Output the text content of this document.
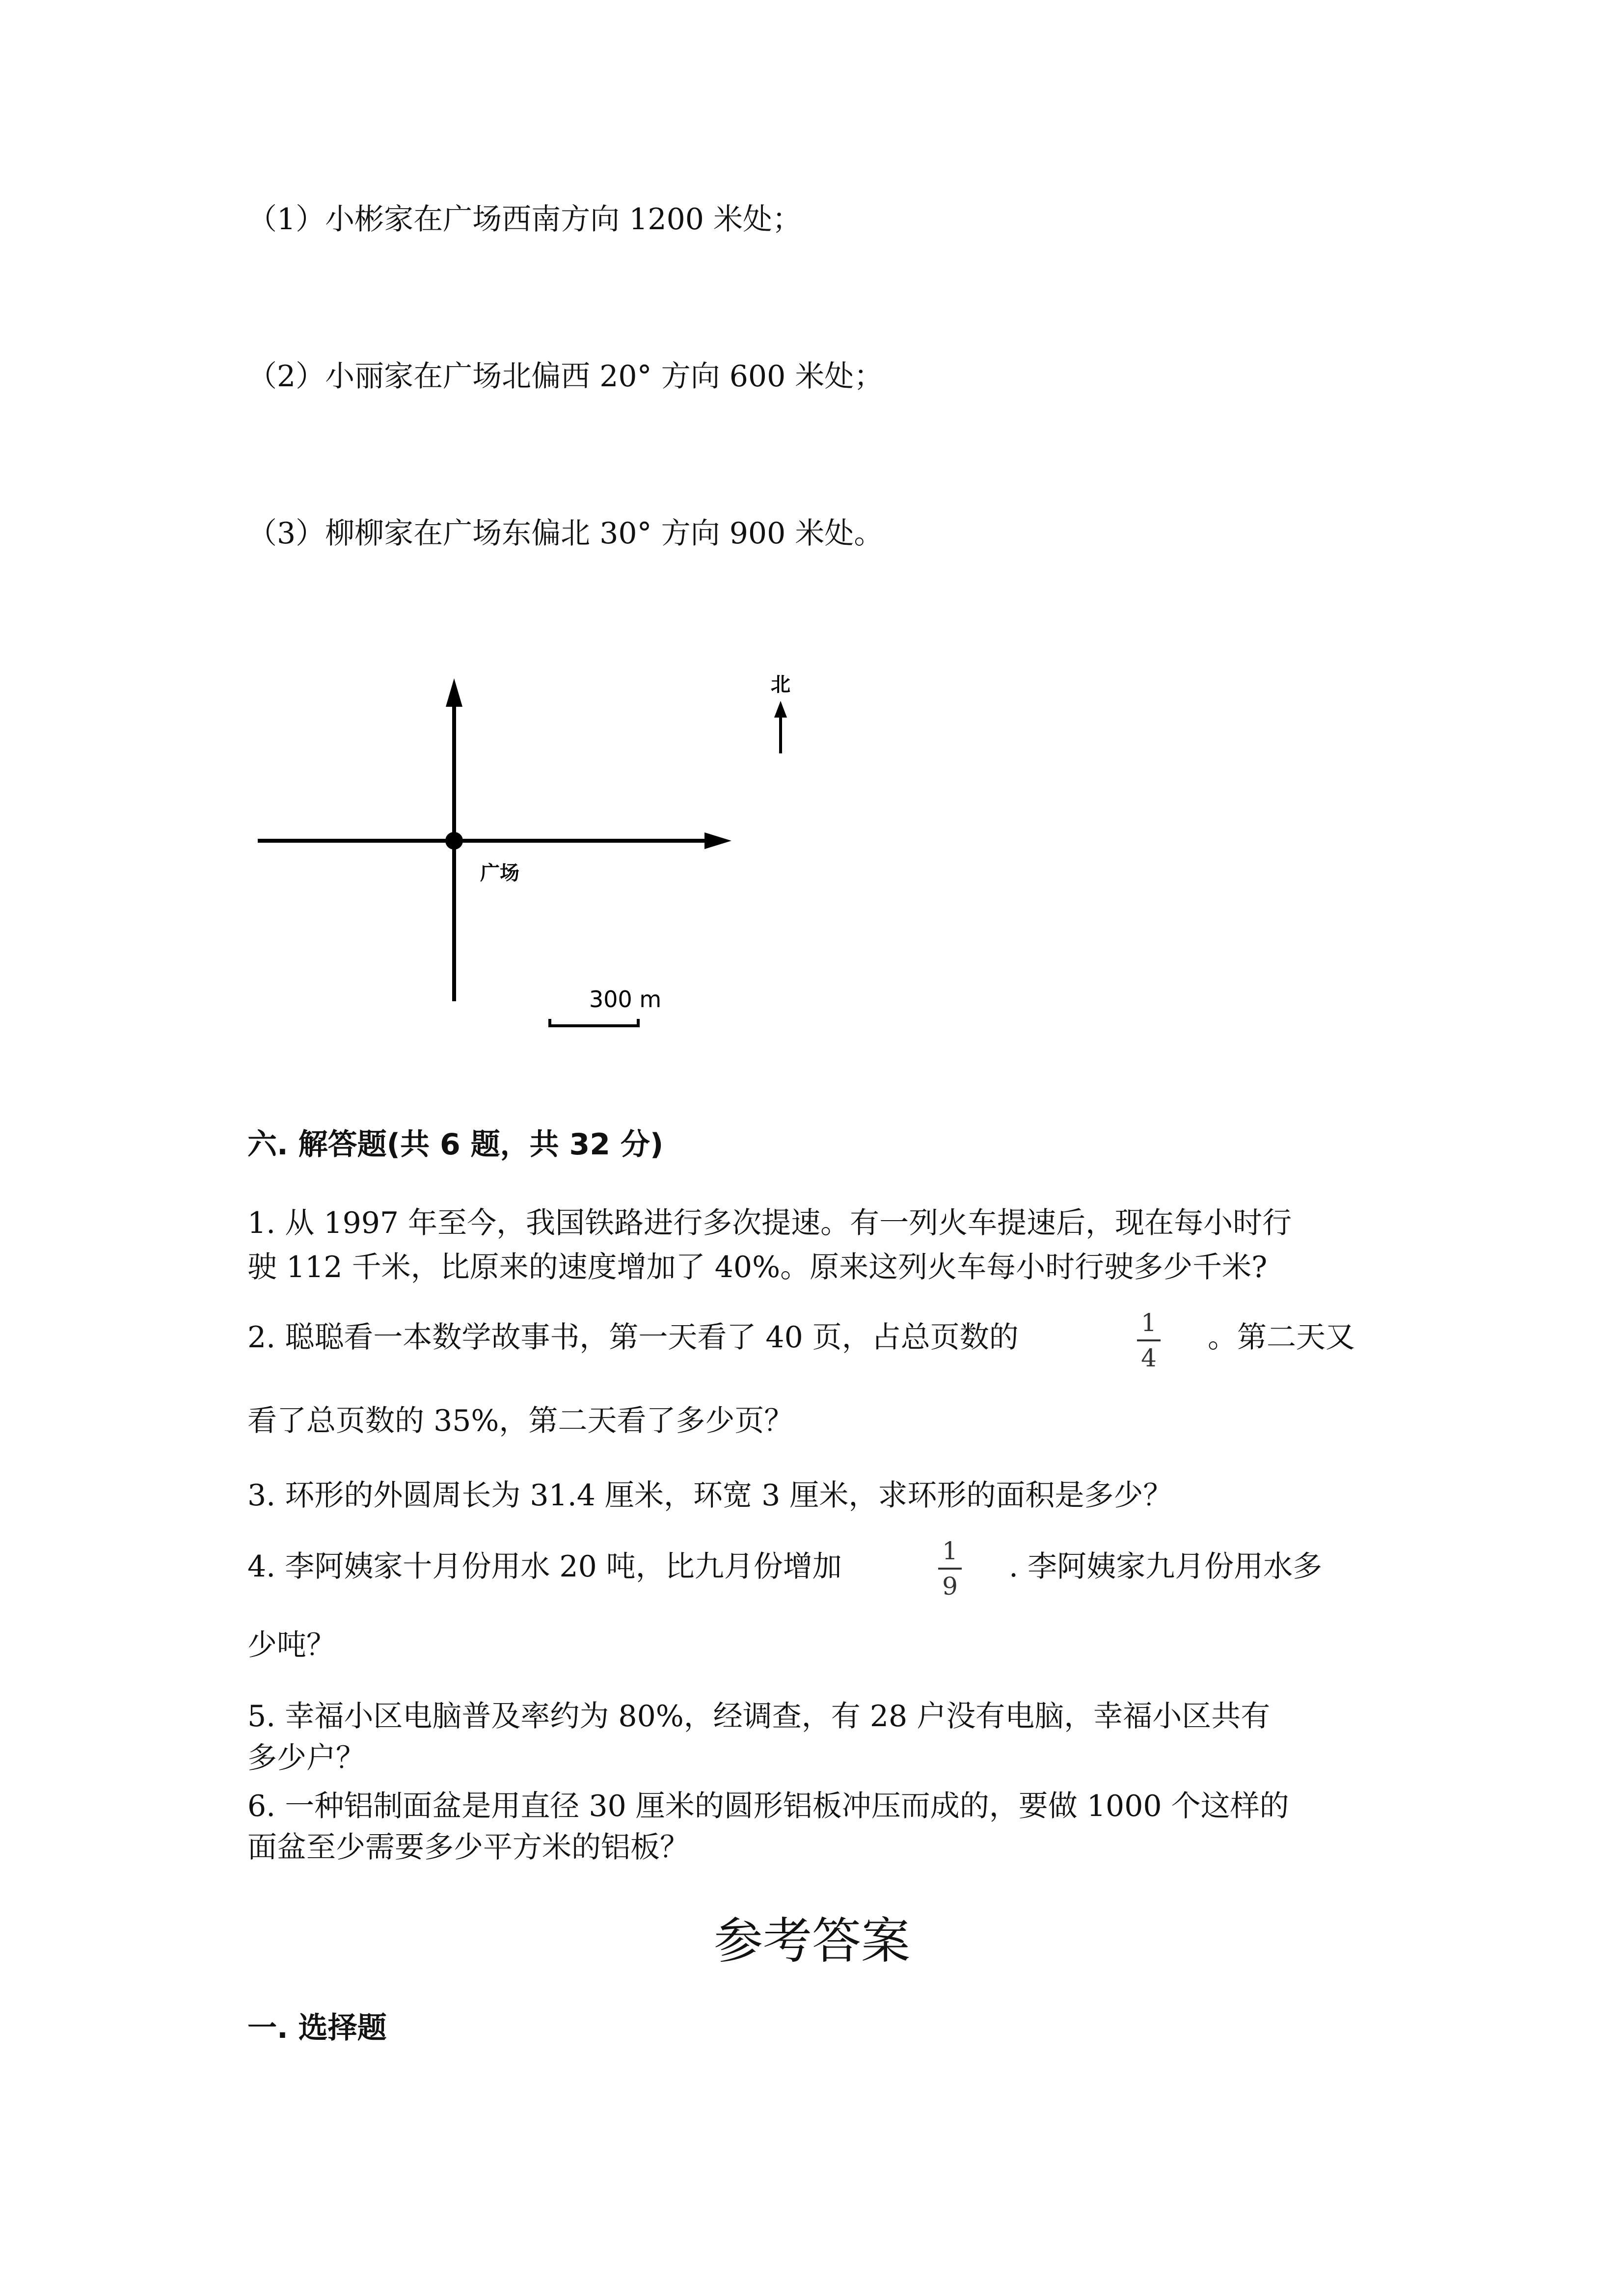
（1）小彬家在广场西南方向 1200 米处；
（2）小丽家在广场北偏西 20° 方向 600 米处；
（3）柳柳家在广场东偏北 30° 方向 900 米处。
广场
北
300 m
六. 解答题(共 6 题，共 32 分)
1. 从 1997 年至今，我国铁路进行多次提速。有一列火车提速后，现在每小时行
驶 112 千米，比原来的速度增加了 40%。原来这列火车每小时行驶多少千米?
2. 聪聪看一本数学故事书，第一天看了 40 页，占总页数的	1
4
。第二天又
看了总页数的 35%，第二天看了多少页？
3. 环形的外圆周长为 31.4 厘米，环宽 3 厘米，求环形的面积是多少？
4. 李阿姨家十月份用水 20 吨，比九月份增加	1
9
. 李阿姨家九月份用水多
少吨？
5. 幸福小区电脑普及率约为 80%，经调查，有 28 户没有电脑，幸福小区共有
多少户？
6. 一种铝制面盆是用直径 30 厘米的圆形铝板冲压而成的，要做 1000 个这样的
面盆至少需要多少平方米的铝板？
参考答案
一. 选择题
